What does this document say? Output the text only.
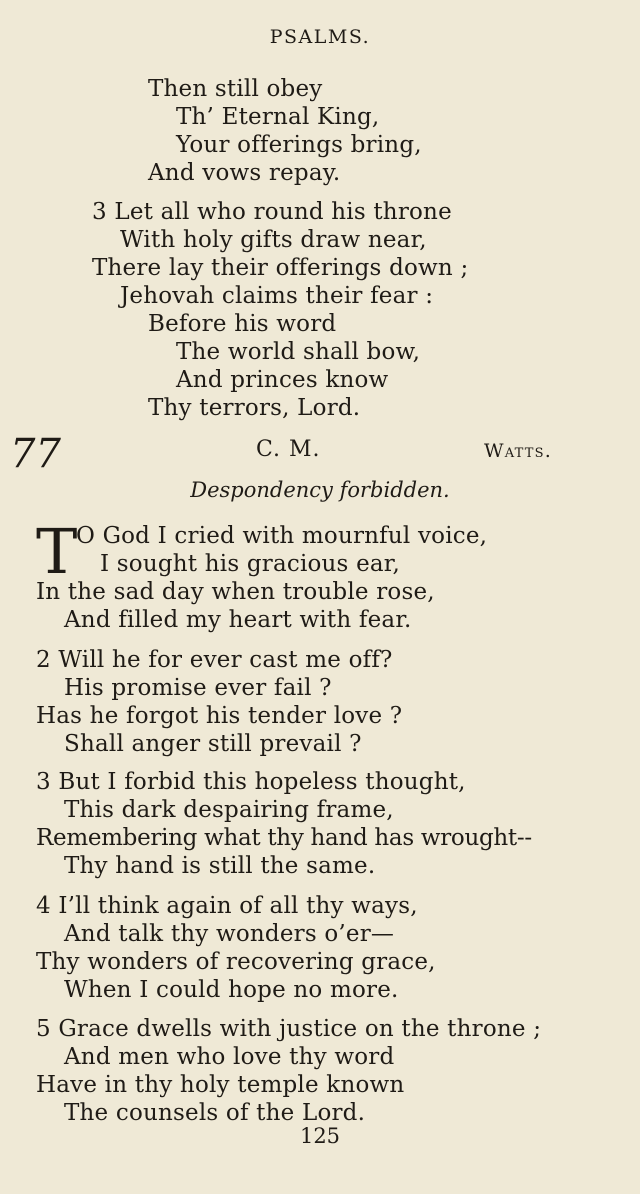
PSALMS.
Then still obey
Th’ Eternal King,
Your offerings bring,
And vows repay.
3 Let all who round his throne
With holy gifts draw near,
There lay their offerings down ;
Jehovah claims their fear :
Before his word
The world shall bow,
And princes know
Thy terrors, Lord.
77	C. M.	Watts.
Despondency forbidden.
T
O God I cried with mournful voice,
I sought his gracious ear,
In the sad day when trouble rose,
And filled my heart with fear.
2 Will he for ever cast me off?
His promise ever fail ?
Has he forgot his tender love ?
Shall anger still prevail ?
3 But I forbid this hopeless thought,
This dark despairing frame,
Remembering what thy hand has wrought--
Thy hand is still the same.
4 I’ll think again of all thy ways,
And talk thy wonders o’er—
Thy wonders of recovering grace,
When I could hope no more.
5 Grace dwells with justice on the throne ;
And men who love thy word
Have in thy holy temple known
The counsels of the Lord.
125
